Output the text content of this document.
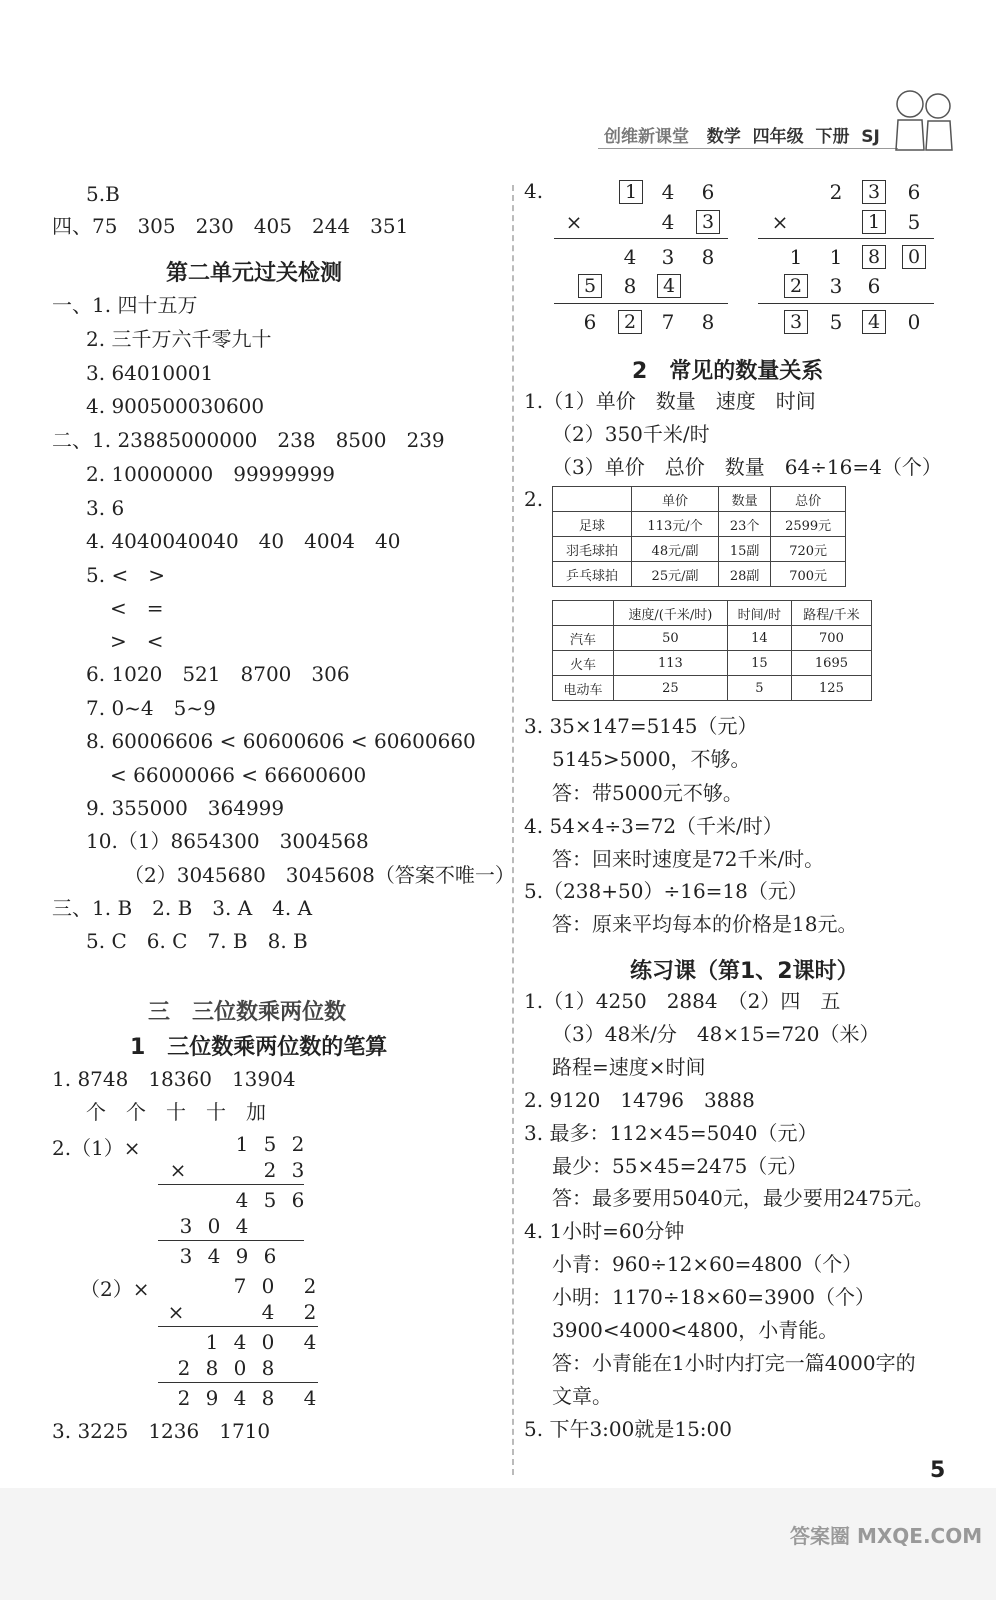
创维新课堂 数学 四年级 下册 SJ
5.B
四、75　305　230　405　244　351
第二单元过关检测
一、1. 四十五万
2. 三千万六千零九十
3. 64010001
4. 900500030600
二、1. 23885000000　238　8500　239
2. 10000000　99999999
3. 6
4. 4040040040　40　4004　40
5. <　>
<　=
>　<
6. 1020　521　8700　306
7. 0~4　5~9
8. 60006606 < 60600606 < 60600660
< 66000066 < 66600600
9. 355000　364999
10.（1）8654300　3004568
（2）3045680　3045608（答案不唯一）
三、1. B　2. B　3. A　4. A
5. C　6. C　7. B　8. B
三　三位数乘两位数
1　三位数乘两位数的笔算
1. 8748　18360　13904
个　个　十　十　加
2.（1）×	1 5 2
×	2 3
4 5 6
3 0 4
3 4 9 6
（2）×	7 0	2
×	4	2
1 4 0	4
2 8 0 8
2 9 4 8	4
3. 3225　1236　1710
4.	1	4	6
×	4	3
4	3	8
5	8	4
6	2	7	8
2	3	6
×	1	5
1	1	8	0
2	3	6
3	5	4	0
2　常见的数量关系
1.（1）单价　数量　速度　时间
（2）350千米/时
（3）单价　总价　数量　64÷16=4（个）
2.
		单价	数量	总价
足球	113元/个	23个	2599元
羽毛球拍	48元/副	15副	720元
乒乓球拍	25元/副	28副	700元
	速度/(千米/时)	时间/时	路程/千米
汽车	50	14	700
火车	113	15	1695
电动车	25	5	125
3. 35×147=5145（元）
5145>5000，不够。
答：带5000元不够。
4. 54×4÷3=72（千米/时）
答：回来时速度是72千米/时。
5.（238+50）÷16=18（元）
答：原来平均每本的价格是18元。
练习课（第1、2课时）
1.（1）4250　2884　（2）四　五
（3）48米/分　48×15=720（米）
路程=速度×时间
2. 9120　14796　3888
3. 最多：112×45=5040（元）
最少：55×45=2475（元）
答：最多要用5040元，最少要用2475元。
4. 1小时=60分钟
小青：960÷12×60=4800（个）
小明：1170÷18×60=3900（个）
3900<4000<4800，小青能。
答：小青能在1小时内打完一篇4000字的
文章。
5. 下午3:00就是15:00
5
答案圈 MXQE.COM
